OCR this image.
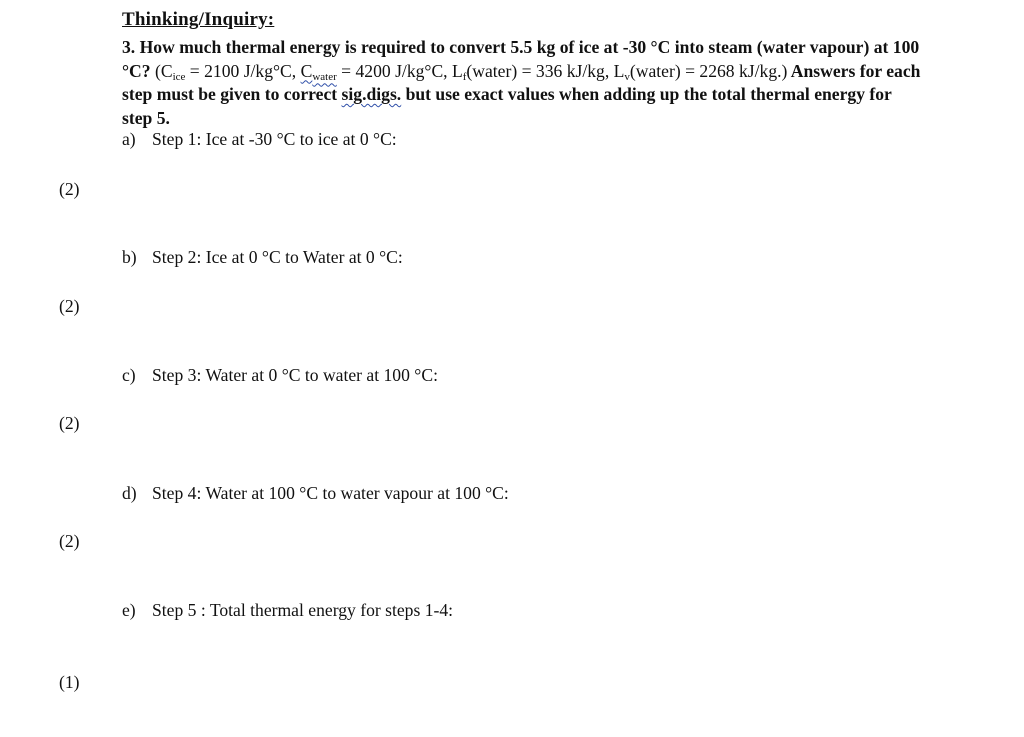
Thinking/Inquiry:
3. How much thermal energy is required to convert 5.5 kg of ice at -30 °C into steam (water vapour) at 100 °C? ($C_{ice} = 2100$ J/kg°C, $C_{water} = 4200$ J/kg°C, $L_f(water) = 336$ kJ/kg, $L_v(water) = 2268$ kJ/kg.) Answers for each step must be given to correct sig.digs. but use exact values when adding up the total thermal energy for step 5.
a) Step 1: Ice at -30 °C to ice at 0 °C:
(2)
b) Step 2: Ice at 0 °C to Water at 0 °C:
(2)
c) Step 3: Water at 0 °C to water at 100 °C:
(2)
d) Step 4: Water at 100 °C to water vapour at 100 °C:
(2)
e) Step 5 : Total thermal energy for steps 1-4:
(1)
